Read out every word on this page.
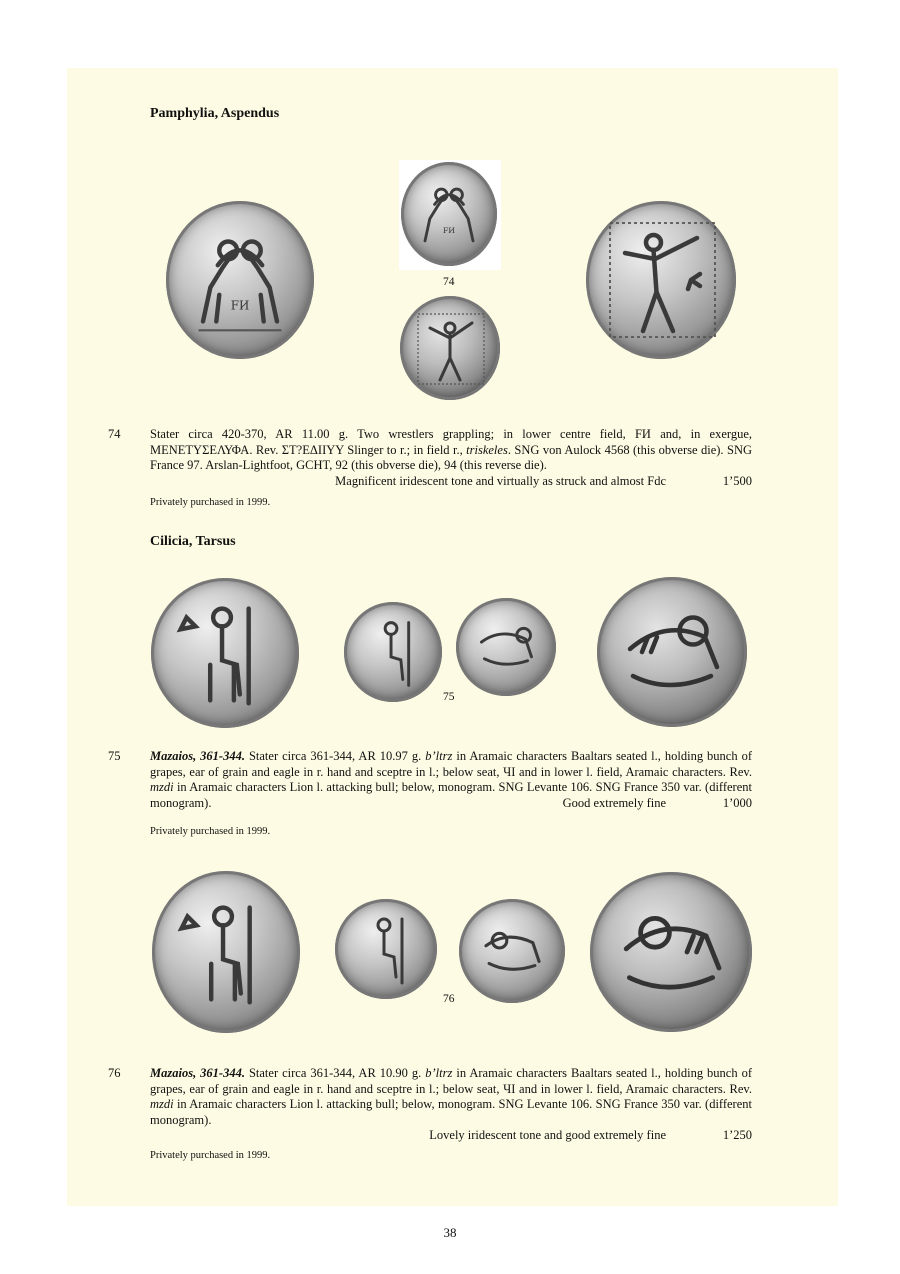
Pamphylia, Aspendus
FИ
FИ
74
74 Stater circa 420-370, AR 11.00 g. Two wrestlers grappling; in lower centre field, FИ and, in exergue, ΜΕΝΕΤΥΣΕΛΥΦΑ. Rev. ΣΤ?ΕΔΙΙΥΥ Slinger to r.; in field r., triskeles. SNG von Aulock 4568 (this obverse die). SNG France 97. Arslan-Lightfoot, GCHT, 92 (this obverse die), 94 (this reverse die).

Magnificent iridescent tone and virtually as struck and almost Fdc	1’500
Privately purchased in 1999.
Cilicia, Tarsus
75
75 Mazaios, 361-344. Stater circa 361-344, AR 10.97 g. b’ltrz in Aramaic characters Baaltars seated l., holding bunch of grapes, ear of grain and eagle in r. hand and sceptre in l.; below seat, ЧI and in lower l. field, Aramaic characters. Rev. mzdi in Aramaic characters Lion l. attacking bull; below, monogram. SNG Levante 106. SNG France 350 var. (different monogram).	Good extremely fine	1’000
Privately purchased in 1999.
76
76 Mazaios, 361-344. Stater circa 361-344, AR 10.90 g. b’ltrz in Aramaic characters Baaltars seated l., holding bunch of grapes, ear of grain and eagle in r. hand and sceptre in l.; below seat, ЧI and in lower l. field, Aramaic characters. Rev. mzdi in Aramaic characters Lion l. attacking bull; below, monogram. SNG Levante 106. SNG France 350 var. (different monogram).

Lovely iridescent tone and good extremely fine	1’250
Privately purchased in 1999.
38
